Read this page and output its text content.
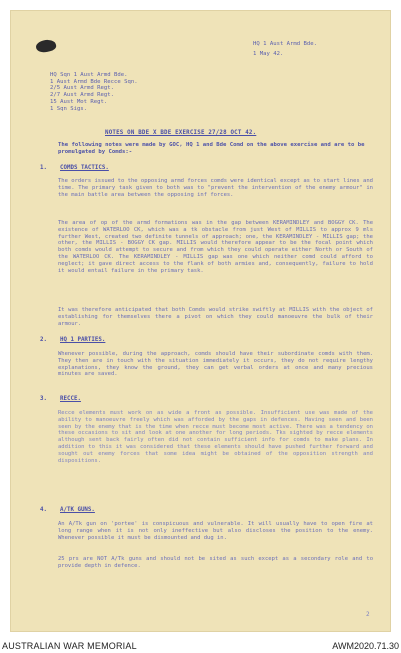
HQ 1 Aust Armd Bde.
1 May 42.
HQ Sqn 1 Aust Armd Bde.
1 Aust Armd Bde Recce Sqn.
2/5 Aust Armd Regt.
2/7 Aust Armd Regt.
15 Aust Mot Regt.
1 Sqn Sigs.
NOTES ON BDE X BDE EXERCISE 27/28 OCT 42.
The following notes were made by GOC, HQ 1 and Bde Comd on the above exercise and are to be promulgated by Comds:-
1. COMDS TACTICS.
The orders issued to the opposing armd forces comds were identical except as to start lines and time. The primary task given to both was to "prevent the intervention of the enemy armour" in the main battle area between the opposing inf forces.
The area of op of the armd formations was in the gap between KERAMINDLEY and BOGGY CK. The existence of WATERLOO CK, which was a tk obstacle from just West of MILLIS to approx 9 mls further West, created two definite tunnels of approach; one, the KERAMINDLEY - MILLIS gap; the other, the MILLIS - BOGGY CK gap. MILLIS would therefore appear to be the focal point which both comds would attempt to secure and from which they could operate either North or South of the WATERLOO CK. The KERAMINDLEY - MILLIS gap was one which neither comd could afford to neglect; it gave direct access to the flank of both armies and, consequently, failure to hold it would entail failure in the primary task.
It was therefore anticipated that both Comds would strike swiftly at MILLIS with the object of establishing for themselves there a pivot on which they could manoeuvre the bulk of their armour.
2. HQ 1 PARTIES.
Whenever possible, during the approach, comds should have their subordinate comds with them. They then are in touch with the situation immediately it occurs, they do not require lengthy explanations, they know the ground, they can get verbal orders at once and many precious minutes are saved.
3. RECCE.
Recce elements must work on as wide a front as possible. Insufficient use was made of the ability to manoeuvre freely which was afforded by the gaps in defences. Having seen and been seen by the enemy that is the time when recce must become most active. There was a tendency on these occasions to sit and look at one another for long periods. Tks sighted by recce elements although sent back fairly often did not contain sufficient info for comds to make plans. In addition to this it was considered that these elements should have pushed further forward and sought out enemy forces that some idea might be obtained of the opposition strength and dispositions.
4. A/TK GUNS.
An A/Tk gun on 'portee' is conspicuous and vulnerable. It will usually have to open fire at long range when it is not only ineffective but also discloses the position to the enemy. Whenever possible it must be dismounted and dug in.
25 prs are NOT A/Tk guns and should not be sited as such except as a secondary role and to provide depth in defence.
2
AUSTRALIAN WAR MEMORIAL	AWM2020.71.30
